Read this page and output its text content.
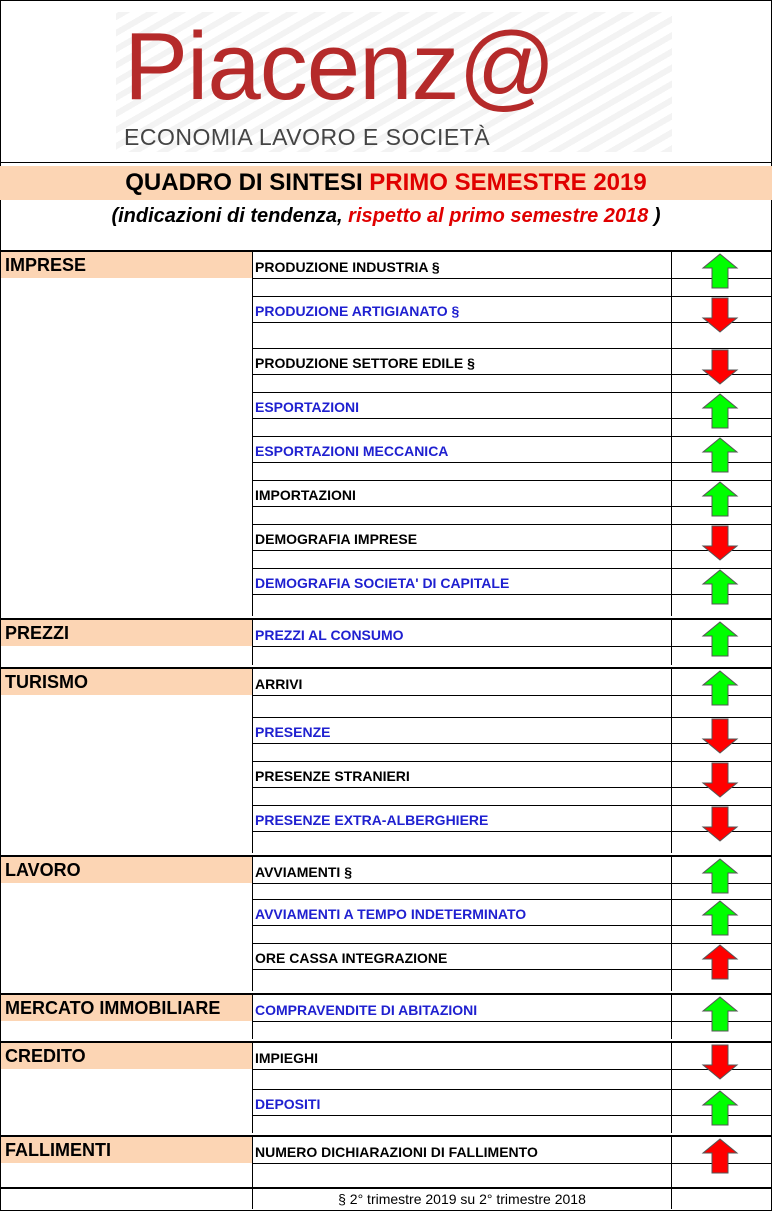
Piacenz@
ECONOMIA LAVORO E SOCIETÀ
QUADRO DI SINTESI PRIMO SEMESTRE 2019
(indicazioni di tendenza, rispetto al primo semestre 2018 )
IMPRESE	PRODUZIONE INDUSTRIA §
PRODUZIONE ARTIGIANATO §
PRODUZIONE SETTORE EDILE §
ESPORTAZIONI
ESPORTAZIONI MECCANICA
IMPORTAZIONI
DEMOGRAFIA IMPRESE
DEMOGRAFIA SOCIETA' DI CAPITALE
PREZZI	PREZZI AL CONSUMO
TURISMO	ARRIVI
PRESENZE
PRESENZE STRANIERI
PRESENZE EXTRA-ALBERGHIERE
LAVORO	AVVIAMENTI §
AVVIAMENTI A TEMPO INDETERMINATO
ORE CASSA INTEGRAZIONE
MERCATO IMMOBILIARE	COMPRAVENDITE DI ABITAZIONI
CREDITO	IMPIEGHI
DEPOSITI
FALLIMENTI	NUMERO DICHIARAZIONI DI FALLIMENTO
§ 2° trimestre 2019 su 2° trimestre 2018
